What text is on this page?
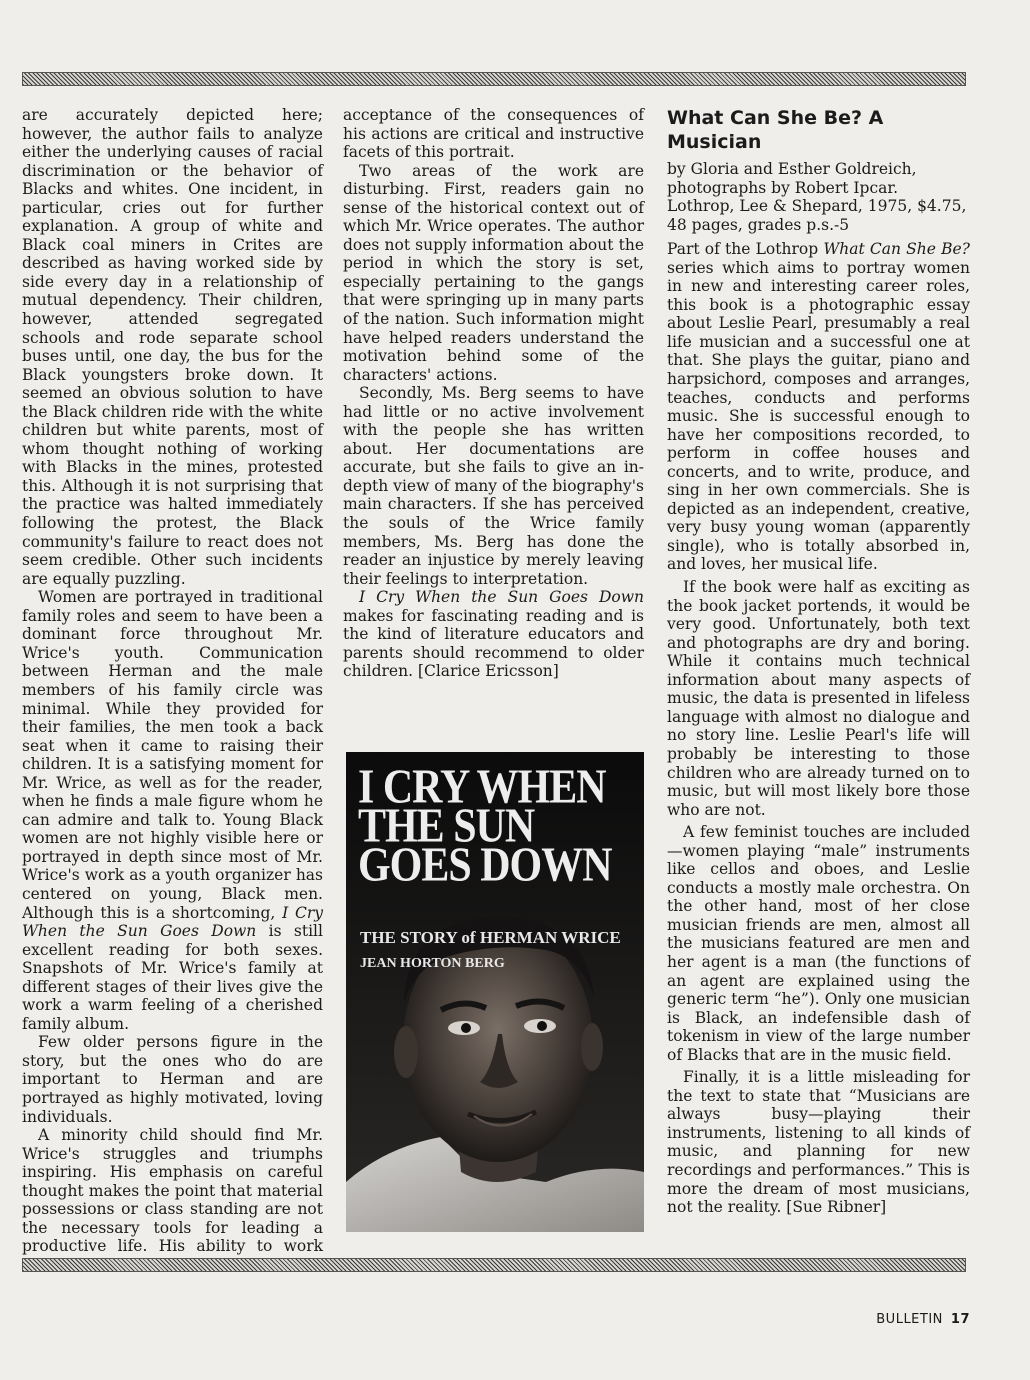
are accurately depicted here; however, the author fails to analyze either the underlying causes of racial discrimination or the behavior of Blacks and whites. One incident, in particular, cries out for further explanation. A group of white and Black coal miners in Crites are described as having worked side by side every day in a relationship of mutual dependency. Their children, however, attended segregated schools and rode separate school buses until, one day, the bus for the Black youngsters broke down. It seemed an obvious solution to have the Black children ride with the white children but white parents, most of whom thought nothing of working with Blacks in the mines, protested this. Although it is not surprising that the practice was halted immediately following the protest, the Black community's failure to react does not seem credible. Other such incidents are equally puzzling.

Women are portrayed in traditional family roles and seem to have been a dominant force throughout Mr. Wrice's youth. Communication between Herman and the male members of his family circle was minimal. While they provided for their families, the men took a back seat when it came to raising their children. It is a satisfying moment for Mr. Wrice, as well as for the reader, when he finds a male figure whom he can admire and talk to. Young Black women are not highly visible here or portrayed in depth since most of Mr. Wrice's work as a youth organizer has centered on young, Black men. Although this is a shortcoming, I Cry When the Sun Goes Down is still excellent reading for both sexes. Snapshots of Mr. Wrice's family at different stages of their lives give the work a warm feeling of a cherished family album.

Few older persons figure in the story, but the ones who do are important to Herman and are portrayed as highly motivated, loving individuals.

A minority child should find Mr. Wrice's struggles and triumphs inspiring. His emphasis on careful thought makes the point that material possessions or class standing are not the necessary tools for leading a productive life. His ability to work

acceptance of the consequences of his actions are critical and instructive facets of this portrait.

Two areas of the work are disturbing. First, readers gain no sense of the historical context out of which Mr. Wrice operates. The author does not supply information about the period in which the story is set, especially pertaining to the gangs that were springing up in many parts of the nation. Such information might have helped readers understand the motivation behind some of the characters' actions.

Secondly, Ms. Berg seems to have had little or no active involvement with the people she has written about. Her documentations are accurate, but she fails to give an in-depth view of many of the biography's main characters. If she has perceived the souls of the Wrice family members, Ms. Berg has done the reader an injustice by merely leaving their feelings to interpretation.

I Cry When the Sun Goes Down makes for fascinating reading and is the kind of literature educators and parents should recommend to older children. [Clarice Ericsson]

I CRY WHEN THE SUN GOES DOWN
THE STORY of HERMAN WRICE
JEAN HORTON BERG
What Can She Be? A Musician

by Gloria and Esther Goldreich, photographs by Robert Ipcar. Lothrop, Lee & Shepard, 1975, $4.75, 48 pages, grades p.s.-5

Part of the Lothrop What Can She Be? series which aims to portray women in new and interesting career roles, this book is a photographic essay about Leslie Pearl, presumably a real life musician and a successful one at that. She plays the guitar, piano and harpsichord, composes and arranges, teaches, conducts and performs music. She is successful enough to have her compositions recorded, to perform in coffee houses and concerts, and to write, produce, and sing in her own commercials. She is depicted as an independent, creative, very busy young woman (apparently single), who is totally absorbed in, and loves, her musical life.

If the book were half as exciting as the book jacket portends, it would be very good. Unfortunately, both text and photographs are dry and boring. While it contains much technical information about many aspects of music, the data is presented in lifeless language with almost no dialogue and no story line. Leslie Pearl's life will probably be interesting to those children who are already turned on to music, but will most likely bore those who are not.

A few feminist touches are included—women playing “male” instruments like cellos and oboes, and Leslie conducts a mostly male orchestra. On the other hand, most of her close musician friends are men, almost all the musicians featured are men and her agent is a man (the functions of an agent are explained using the generic term “he”). Only one musician is Black, an indefensible dash of tokenism in view of the large number of Blacks that are in the music field.

Finally, it is a little misleading for the text to state that “Musicians are always busy—playing their instruments, listening to all kinds of music, and planning for new recordings and performances.” This is more the dream of most musicians, not the reality. [Sue Ribner]

BULLETIN 17
